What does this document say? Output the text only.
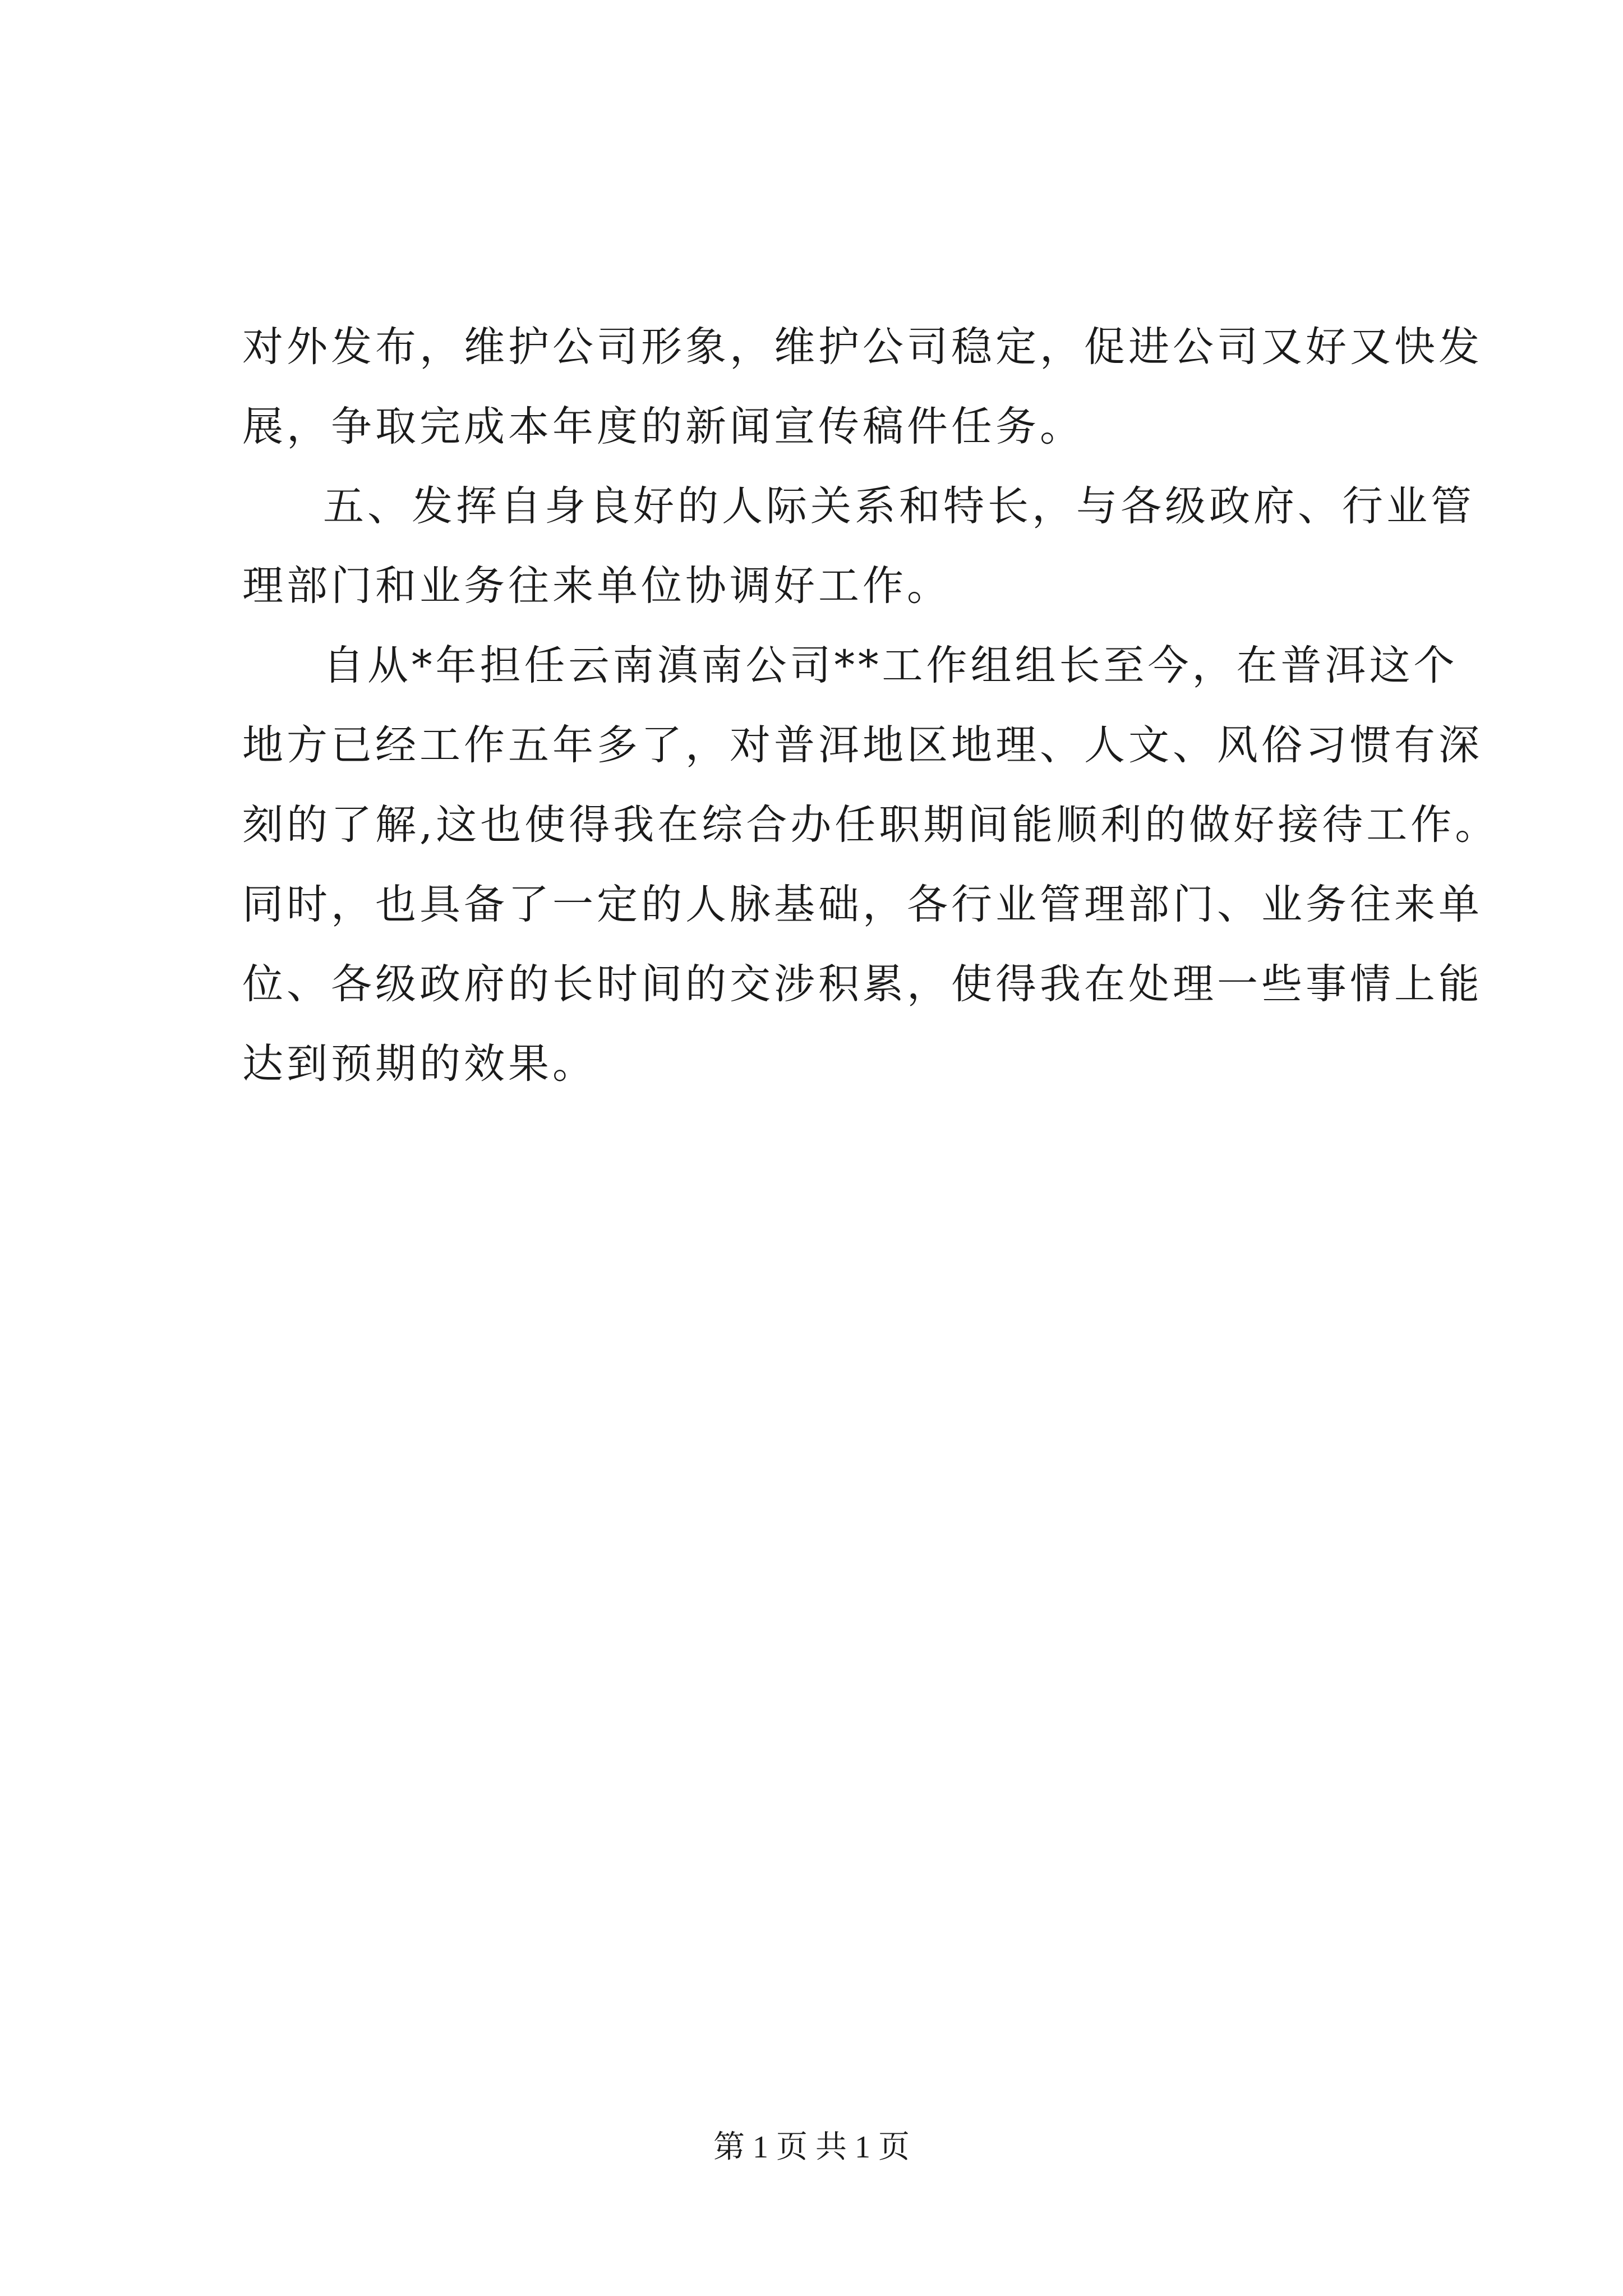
对外发布，维护公司形象，维护公司稳定，促进公司又好又快发
展，争取完成本年度的新闻宣传稿件任务。
五、发挥自身良好的人际关系和特长，与各级政府、行业管
理部门和业务往来单位协调好工作。
自从*年担任云南滇南公司**工作组组长至今，在普洱这个
地方已经工作五年多了，对普洱地区地理、人文、风俗习惯有深
刻的了解,这也使得我在综合办任职期间能顺利的做好接待工作。
同时，也具备了一定的人脉基础，各行业管理部门、业务往来单
位、各级政府的长时间的交涉积累，使得我在处理一些事情上能
达到预期的效果。
第 1 页 共 1 页
